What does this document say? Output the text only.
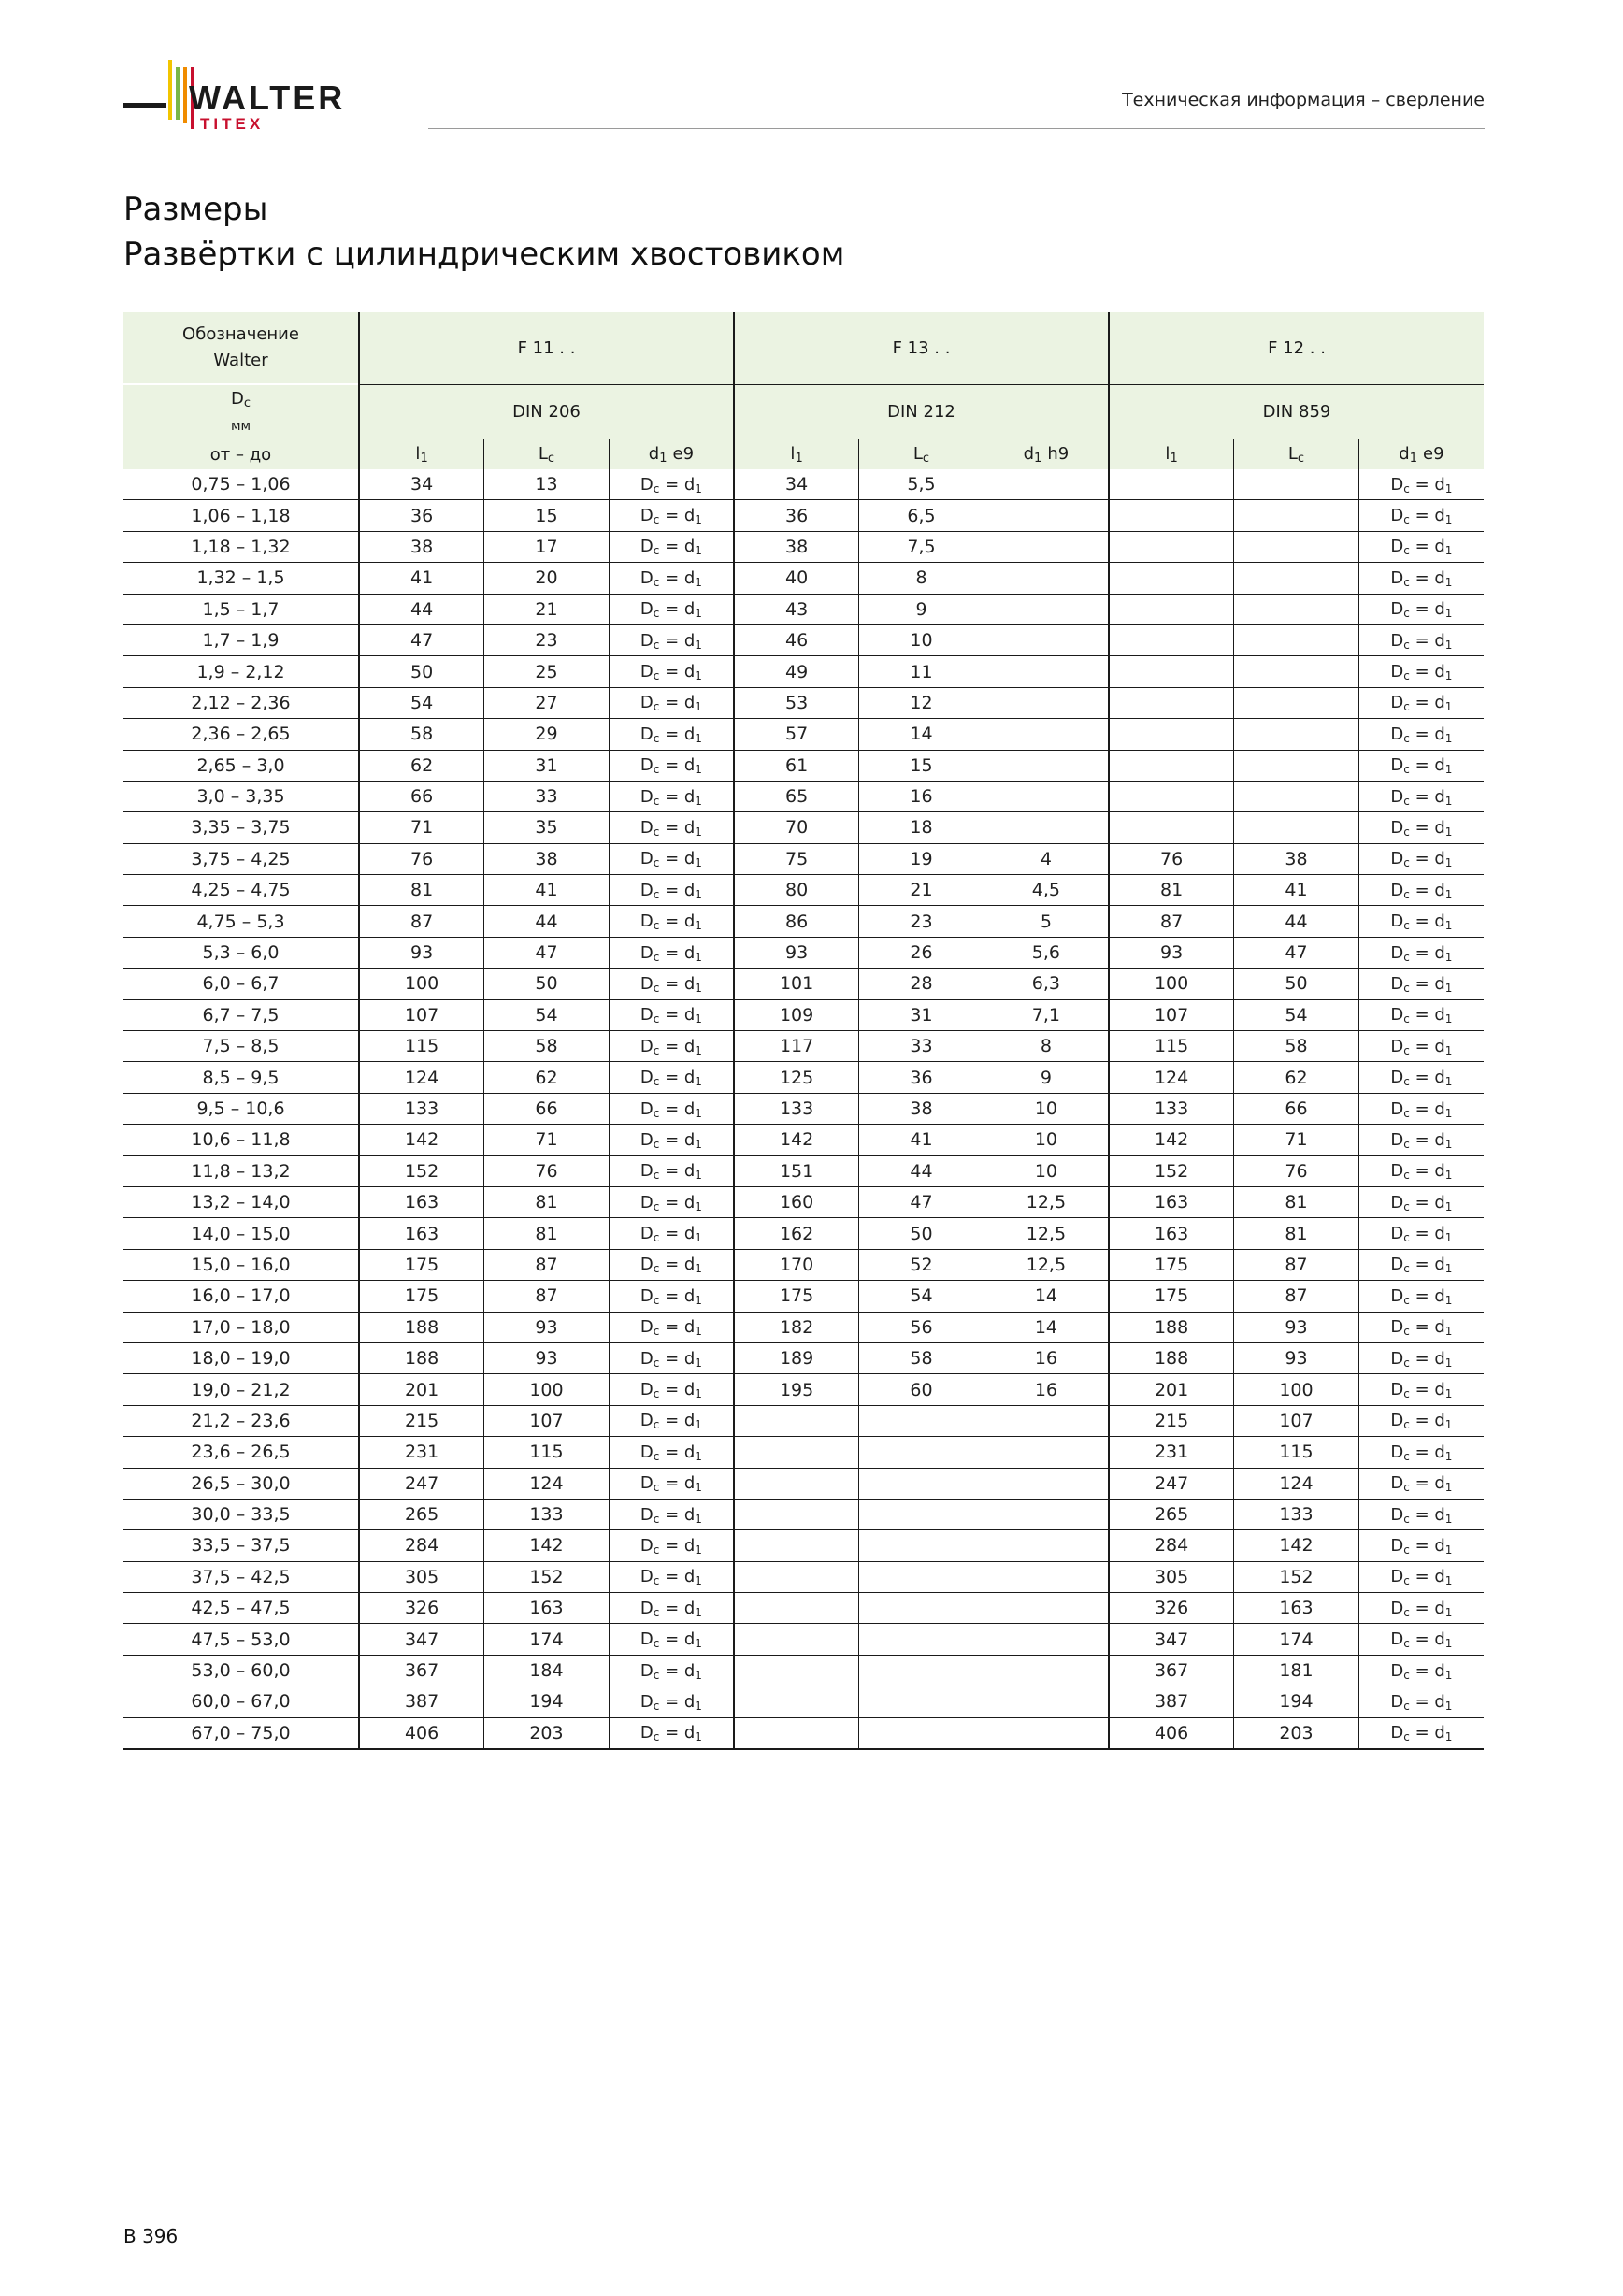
WALTER
TITEX
Техническая информация – сверление
Размеры
Развёртки с цилиндрическим хвостовиком
Обозначение Walter	F 11 . .			F 13 . .			F 12 . .		

$D_c$
мм	DIN 206			DIN 212			DIN 859		
от – до	$l_1$	$L_c$	$d_1$ e9	$l_1$	$L_c$	$d_1$ h9	$l_1$	$L_c$	$d_1$ e9
0,75 – 1,06	34	13	$D_c = d_1$	34	5,5				$D_c = d_1$
1,06 – 1,18	36	15	$D_c = d_1$	36	6,5				$D_c = d_1$
1,18 – 1,32	38	17	$D_c = d_1$	38	7,5				$D_c = d_1$
1,32 – 1,5	41	20	$D_c = d_1$	40	8				$D_c = d_1$
1,5 – 1,7	44	21	$D_c = d_1$	43	9				$D_c = d_1$
1,7 – 1,9	47	23	$D_c = d_1$	46	10				$D_c = d_1$
1,9 – 2,12	50	25	$D_c = d_1$	49	11				$D_c = d_1$
2,12 – 2,36	54	27	$D_c = d_1$	53	12				$D_c = d_1$
2,36 – 2,65	58	29	$D_c = d_1$	57	14				$D_c = d_1$
2,65 – 3,0	62	31	$D_c = d_1$	61	15				$D_c = d_1$
3,0 – 3,35	66	33	$D_c = d_1$	65	16				$D_c = d_1$
3,35 – 3,75	71	35	$D_c = d_1$	70	18				$D_c = d_1$
3,75 – 4,25	76	38	$D_c = d_1$	75	19	4	76	38	$D_c = d_1$
4,25 – 4,75	81	41	$D_c = d_1$	80	21	4,5	81	41	$D_c = d_1$
4,75 – 5,3	87	44	$D_c = d_1$	86	23	5	87	44	$D_c = d_1$
5,3 – 6,0	93	47	$D_c = d_1$	93	26	5,6	93	47	$D_c = d_1$
6,0 – 6,7	100	50	$D_c = d_1$	101	28	6,3	100	50	$D_c = d_1$
6,7 – 7,5	107	54	$D_c = d_1$	109	31	7,1	107	54	$D_c = d_1$
7,5 – 8,5	115	58	$D_c = d_1$	117	33	8	115	58	$D_c = d_1$
8,5 – 9,5	124	62	$D_c = d_1$	125	36	9	124	62	$D_c = d_1$
9,5 – 10,6	133	66	$D_c = d_1$	133	38	10	133	66	$D_c = d_1$
10,6 – 11,8	142	71	$D_c = d_1$	142	41	10	142	71	$D_c = d_1$
11,8 – 13,2	152	76	$D_c = d_1$	151	44	10	152	76	$D_c = d_1$
13,2 – 14,0	163	81	$D_c = d_1$	160	47	12,5	163	81	$D_c = d_1$
14,0 – 15,0	163	81	$D_c = d_1$	162	50	12,5	163	81	$D_c = d_1$
15,0 – 16,0	175	87	$D_c = d_1$	170	52	12,5	175	87	$D_c = d_1$
16,0 – 17,0	175	87	$D_c = d_1$	175	54	14	175	87	$D_c = d_1$
17,0 – 18,0	188	93	$D_c = d_1$	182	56	14	188	93	$D_c = d_1$
18,0 – 19,0	188	93	$D_c = d_1$	189	58	16	188	93	$D_c = d_1$
19,0 – 21,2	201	100	$D_c = d_1$	195	60	16	201	100	$D_c = d_1$
21,2 – 23,6	215	107	$D_c = d_1$				215	107	$D_c = d_1$
23,6 – 26,5	231	115	$D_c = d_1$				231	115	$D_c = d_1$
26,5 – 30,0	247	124	$D_c = d_1$				247	124	$D_c = d_1$
30,0 – 33,5	265	133	$D_c = d_1$				265	133	$D_c = d_1$
33,5 – 37,5	284	142	$D_c = d_1$				284	142	$D_c = d_1$
37,5 – 42,5	305	152	$D_c = d_1$				305	152	$D_c = d_1$
42,5 – 47,5	326	163	$D_c = d_1$				326	163	$D_c = d_1$
47,5 – 53,0	347	174	$D_c = d_1$				347	174	$D_c = d_1$
53,0 – 60,0	367	184	$D_c = d_1$				367	181	$D_c = d_1$
60,0 – 67,0	387	194	$D_c = d_1$				387	194	$D_c = d_1$
67,0 – 75,0	406	203	$D_c = d_1$				406	203	$D_c = d_1$
B 396
